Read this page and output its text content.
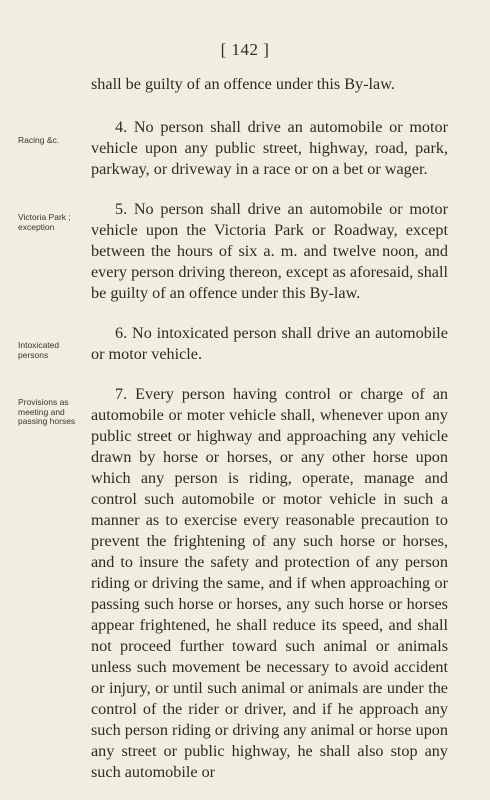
[ 142 ]
Racing &c.
Victoria Park ; exception
Intoxicated persons
Provisions as meeting and passing horses

shall be guilty of an offence under this By-law.

4. No person shall drive an automobile or motor vehicle upon any public street, highway, road, park, parkway, or driveway in a race or on a bet or wager.

5. No person shall drive an automobile or motor vehicle upon the Victoria Park or Roadway, except between the hours of six a. m. and twelve noon, and every person driving thereon, except as aforesaid, shall be guilty of an offence under this By-law.

6. No intoxicated person shall drive an automobile or motor vehicle.

7. Every person having control or charge of an automobile or moter vehicle shall, whenever upon any public street or highway and approaching any vehicle drawn by horse or horses, or any other horse upon which any person is riding, operate, manage and control such automobile or motor vehicle in such a manner as to exercise every reasonable precaution to prevent the frightening of any such horse or horses, and to insure the safety and protection of any person riding or driving the same, and if when approaching or passing such horse or horses, any such horse or horses appear frightened, he shall reduce its speed, and shall not proceed further toward such animal or animals unless such movement be necessary to avoid accident or injury, or until such animal or animals are under the control of the rider or driver, and if he approach any such person riding or driving any animal or horse upon any street or public highway, he shall also stop any such automobile or
